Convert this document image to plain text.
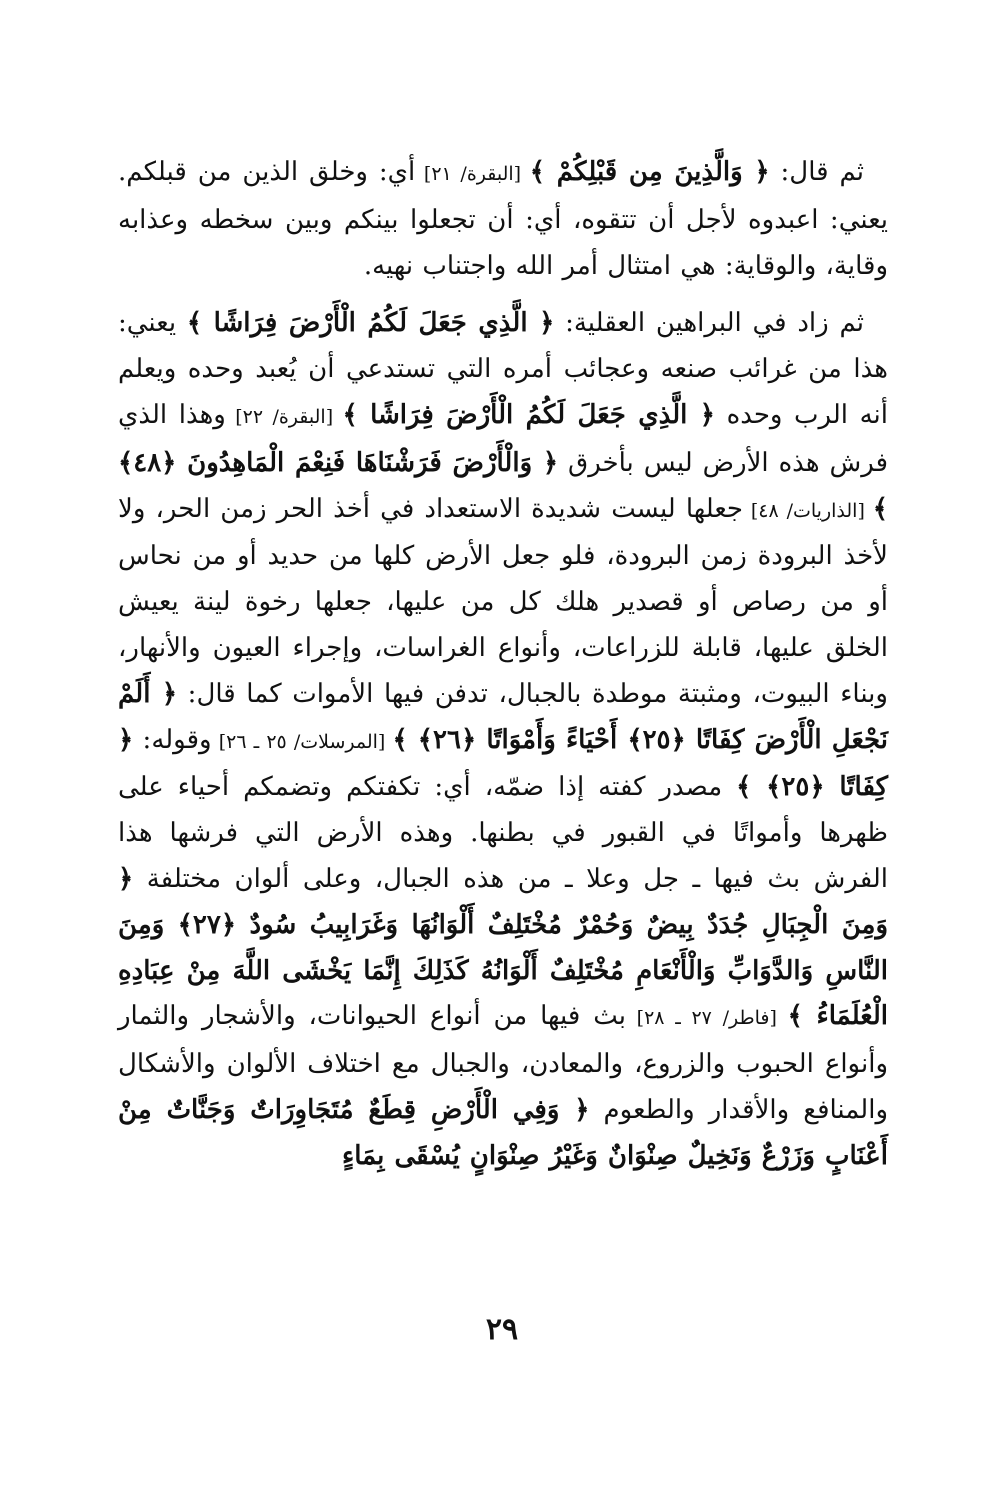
ثم قال: ﴿ وَالَّذِينَ مِن قَبْلِكُمْ ﴾ [البقرة/ ٢١] أي: وخلق الذين من قبلكم. يعني: اعبدوه لأجل أن تتقوه، أي: أن تجعلوا بينكم وبين سخطه وعذابه وقاية، والوقاية: هي امتثال أمر الله واجتناب نهيه.

ثم زاد في البراهين العقلية: ﴿ الَّذِي جَعَلَ لَكُمُ الْأَرْضَ فِرَاشًا ﴾ يعني: هذا من غرائب صنعه وعجائب أمره التي تستدعي أن يُعبد وحده ويعلم أنه الرب وحده ﴿ الَّذِي جَعَلَ لَكُمُ الْأَرْضَ فِرَاشًا ﴾ [البقرة/ ٢٢] وهذا الذي فرش هذه الأرض ليس بأخرق ﴿ وَالْأَرْضَ فَرَشْنَاهَا فَنِعْمَ الْمَاهِدُونَ ﴿٤٨﴾ ﴾ [الذاريات/ ٤٨] جعلها ليست شديدة الاستعداد في أخذ الحر زمن الحر، ولا لأخذ البرودة زمن البرودة، فلو جعل الأرض كلها من حديد أو من نحاس أو من رصاص أو قصدير هلك كل من عليها، جعلها رخوة لينة يعيش الخلق عليها، قابلة للزراعات، وأنواع الغراسات، وإجراء العيون والأنهار، وبناء البيوت، ومثبتة موطدة بالجبال، تدفن فيها الأموات كما قال: ﴿ أَلَمْ نَجْعَلِ الْأَرْضَ كِفَاتًا ﴿٢٥﴾ أَحْيَاءً وَأَمْوَاتًا ﴿٢٦﴾ ﴾ [المرسلات/ ٢٥ ـ ٢٦] وقوله: ﴿ كِفَاتًا ﴿٢٥﴾ ﴾ مصدر كفته إذا ضمّه، أي: تكفتكم وتضمكم أحياء على ظهرها وأمواتًا في القبور في بطنها. وهذه الأرض التي فرشها هذا الفرش بث فيها ـ جل وعلا ـ من هذه الجبال، وعلى ألوان مختلفة ﴿ وَمِنَ الْجِبَالِ جُدَدٌ بِيضٌ وَحُمْرٌ مُخْتَلِفٌ أَلْوَانُهَا وَغَرَابِيبُ سُودٌ ﴿٢٧﴾ وَمِنَ النَّاسِ وَالدَّوَابِّ وَالْأَنْعَامِ مُخْتَلِفٌ أَلْوَانُهُ كَذَلِكَ إِنَّمَا يَخْشَى اللَّهَ مِنْ عِبَادِهِ الْعُلَمَاءُ ﴾ [فاطر/ ٢٧ ـ ٢٨] بث فيها من أنواع الحيوانات، والأشجار والثمار وأنواع الحبوب والزروع، والمعادن، والجبال مع اختلاف الألوان والأشكال والمنافع والأقدار والطعوم ﴿ وَفِي الْأَرْضِ قِطَعٌ مُتَجَاوِرَاتٌ وَجَنَّاتٌ مِنْ أَعْنَابٍ وَزَرْعٌ وَنَخِيلٌ صِنْوَانٌ وَغَيْرُ صِنْوَانٍ يُسْقَى بِمَاءٍ

٢٩
